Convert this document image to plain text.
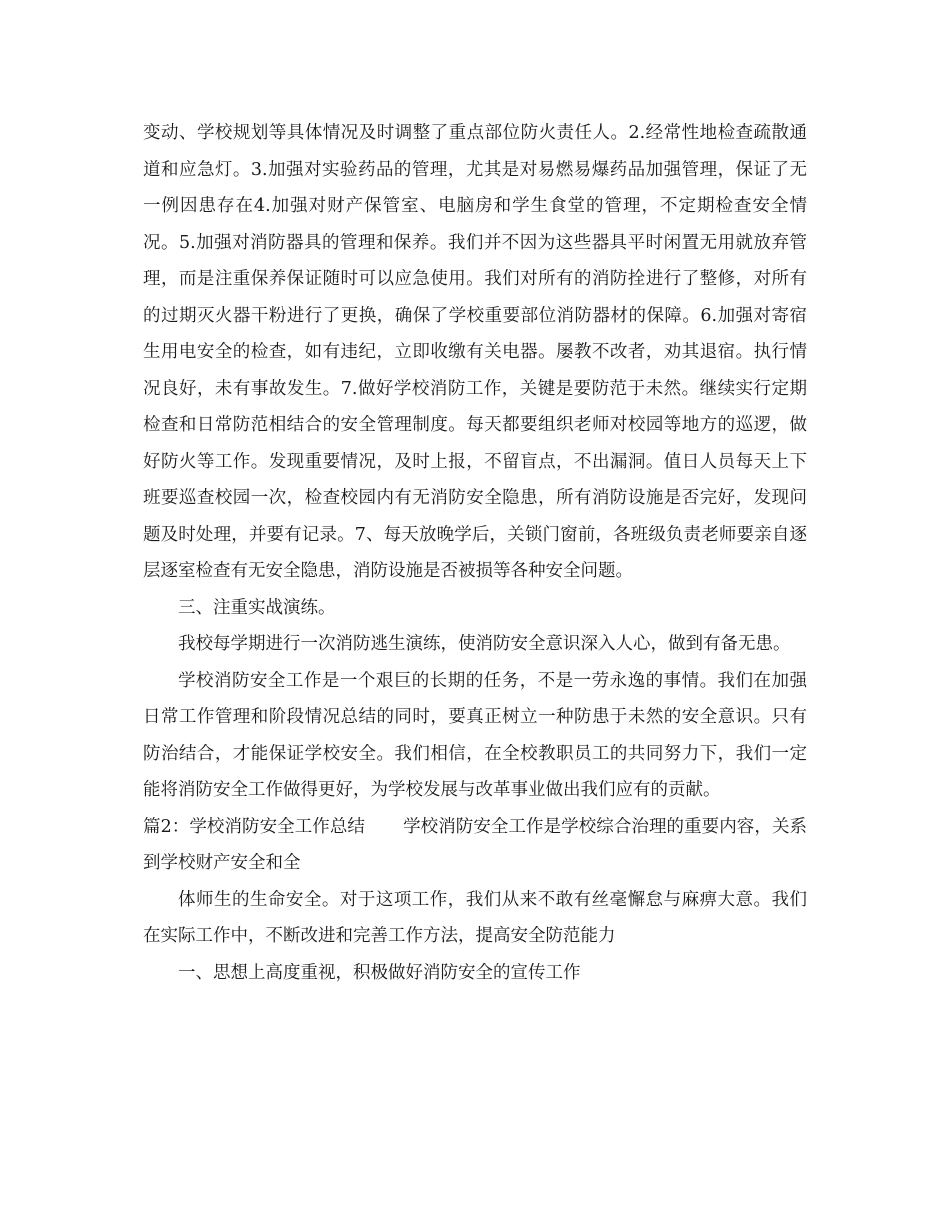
变动、学校规划等具体情况及时调整了重点部位防火责任人。2.经常性地检查疏散通道和应急灯。3.加强对实验药品的管理，尤其是对易燃易爆药品加强管理，保证了无一例因患存在4.加强对财产保管室、电脑房和学生食堂的管理，不定期检查安全情况。5.加强对消防器具的管理和保养。我们并不因为这些器具平时闲置无用就放弃管理，而是注重保养保证随时可以应急使用。我们对所有的消防拴进行了整修，对所有的过期灭火器干粉进行了更换，确保了学校重要部位消防器材的保障。6.加强对寄宿生用电安全的检查，如有违纪，立即收缴有关电器。屡教不改者，劝其退宿。执行情况良好，未有事故发生。7.做好学校消防工作，关键是要防范于未然。继续实行定期检查和日常防范相结合的安全管理制度。每天都要组织老师对校园等地方的巡逻，做好防火等工作。发现重要情况，及时上报，不留盲点，不出漏洞。值日人员每天上下班要巡查校园一次，检查校园内有无消防安全隐患，所有消防设施是否完好，发现问题及时处理，并要有记录。7、每天放晚学后，关锁门窗前，各班级负责老师要亲自逐层逐室检查有无安全隐患，消防设施是否被损等各种安全问题。

三、注重实战演练。

我校每学期进行一次消防逃生演练，使消防安全意识深入人心，做到有备无患。

学校消防安全工作是一个艰巨的长期的任务，不是一劳永逸的事情。我们在加强日常工作管理和阶段情况总结的同时，要真正树立一种防患于未然的安全意识。只有防治结合，才能保证学校安全。我们相信，在全校教职员工的共同努力下，我们一定能将消防安全工作做得更好，为学校发展与改革事业做出我们应有的贡献。

篇2：学校消防安全工作总结 学校消防安全工作是学校综合治理的重要内容，关系到学校财产安全和全

体师生的生命安全。对于这项工作，我们从来不敢有丝毫懈怠与麻痹大意。我们在实际工作中，不断改进和完善工作方法，提高安全防范能力

一、思想上高度重视，积极做好消防安全的宣传工作
